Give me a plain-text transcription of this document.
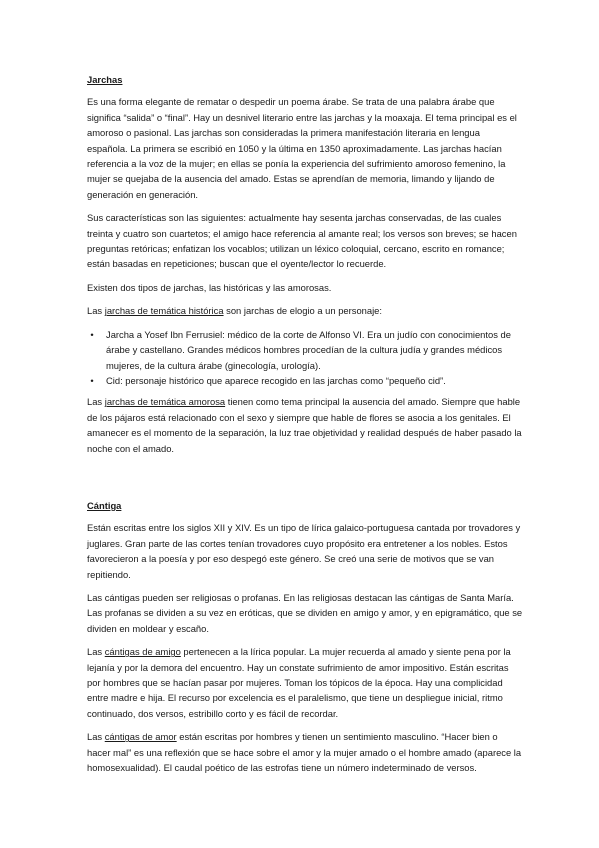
Jarchas

Es una forma elegante de rematar o despedir un poema árabe. Se trata de una palabra árabe que significa “salida” o “final”. Hay un desnivel literario entre las jarchas y la moaxaja. El tema principal es el amoroso o pasional. Las jarchas son consideradas la primera manifestación literaria en lengua española. La primera se escribió en 1050 y la última en 1350 aproximadamente. Las jarchas hacían referencia a la voz de la mujer; en ellas se ponía la experiencia del sufrimiento amoroso femenino, la mujer se quejaba de la ausencia del amado. Estas se aprendían de memoria, limando y lijando de generación en generación.

Sus características son las siguientes: actualmente hay sesenta jarchas conservadas, de las cuales treinta y cuatro son cuartetos; el amigo hace referencia al amante real; los versos son breves; se hacen preguntas retóricas; enfatizan los vocablos; utilizan un léxico coloquial, cercano, escrito en romance; están basadas en repeticiones; buscan que el oyente/lector lo recuerde.

Existen dos tipos de jarchas, las históricas y las amorosas.

Las jarchas de temática histórica son jarchas de elogio a un personaje:

•	Jarcha a Yosef Ibn Ferrusiel: médico de la corte de Alfonso VI. Era un judío con conocimientos de árabe y castellano. Grandes médicos hombres procedían de la cultura judía y grandes médicos mujeres, de la cultura árabe (ginecología, urología).
•	Cid: personaje histórico que aparece recogido en las jarchas como “pequeño cid”.

Las jarchas de temática amorosa tienen como tema principal la ausencia del amado. Siempre que hable de los pájaros está relacionado con el sexo y siempre que hable de flores se asocia a los genitales. El amanecer es el momento de la separación, la luz trae objetividad y realidad después de haber pasado la noche con el amado.

Cántiga

Están escritas entre los siglos XII y XIV. Es un tipo de lírica galaico-portuguesa cantada por trovadores y juglares. Gran parte de las cortes tenían trovadores cuyo propósito era entretener a los nobles. Estos favorecieron a la poesía y por eso despegó este género. Se creó una serie de motivos que se van repitiendo.

Las cántigas pueden ser religiosas o profanas. En las religiosas destacan las cántigas de Santa María. Las profanas se dividen a su vez en eróticas, que se dividen en amigo y amor, y en epigramático, que se dividen en moldear y escaño.

Las cántigas de amigo pertenecen a la lírica popular. La mujer recuerda al amado y siente pena por la lejanía y por la demora del encuentro. Hay un constate sufrimiento de amor impositivo. Están escritas por hombres que se hacían pasar por mujeres. Toman los tópicos de la época. Hay una complicidad entre madre e hija. El recurso por excelencia es el paralelismo, que tiene un despliegue inicial, ritmo continuado, dos versos, estribillo corto y es fácil de recordar.

Las cántigas de amor están escritas por hombres y tienen un sentimiento masculino. “Hacer bien o hacer mal” es una reflexión que se hace sobre el amor y la mujer amado o el hombre amado (aparece la homosexualidad). El caudal poético de las estrofas tiene un número indeterminado de versos.
